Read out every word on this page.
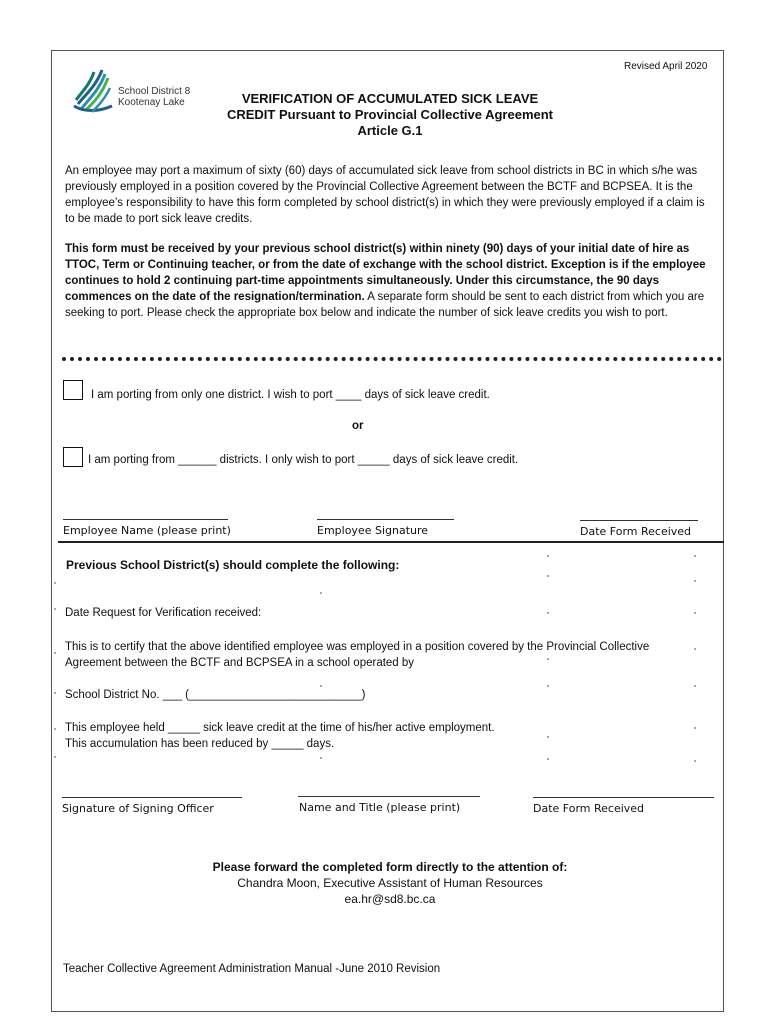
Revised April 2020
School District 8
Kootenay Lake	VERIFICATION OF ACCUMULATED SICK LEAVE
CREDIT Pursuant to Provincial Collective Agreement
Article G.1
An employee may port a maximum of sixty (60) days of accumulated sick leave from school districts in BC in which s/he was previously employed in a position covered by the Provincial Collective Agreement between the BCTF and BCPSEA. It is the employee’s responsibility to have this form completed by school district(s) in which they were previously employed if a claim is to be made to port sick leave credits.
This form must be received by your previous school district(s) within ninety (90) days of your initial date of hire as TTOC, Term or Continuing teacher, or from the date of exchange with the school district. Exception is if the employee continues to hold 2 continuing part-time appointments simultaneously. Under this circumstance, the 90 days commences on the date of the resignation/termination. A separate form should be sent to each district from which you are seeking to port. Please check the appropriate box below and indicate the number of sick leave credits you wish to port.
I am porting from only one district. I wish to port ____ days of sick leave credit.
or
I am porting from ______ districts. I only wish to port _____ days of sick leave credit.
Employee Name (please print)	Employee Signature	Date Form Received
Previous School District(s) should complete the following:
Date Request for Verification received:
This is to certify that the above identified employee was employed in a position covered by the Provincial Collective Agreement between the BCTF and BCPSEA in a school operated by
School District No. ___ (___________________________)
This employee held _____ sick leave credit at the time of his/her active employment.
This accumulation has been reduced by _____ days.
Signature of Signing Officer	Name and Title (please print)	Date Form Received
Please forward the completed form directly to the attention of:
Chandra Moon, Executive Assistant of Human Resources
ea.hr@sd8.bc.ca
Teacher Collective Agreement Administration Manual -June 2010 Revision
